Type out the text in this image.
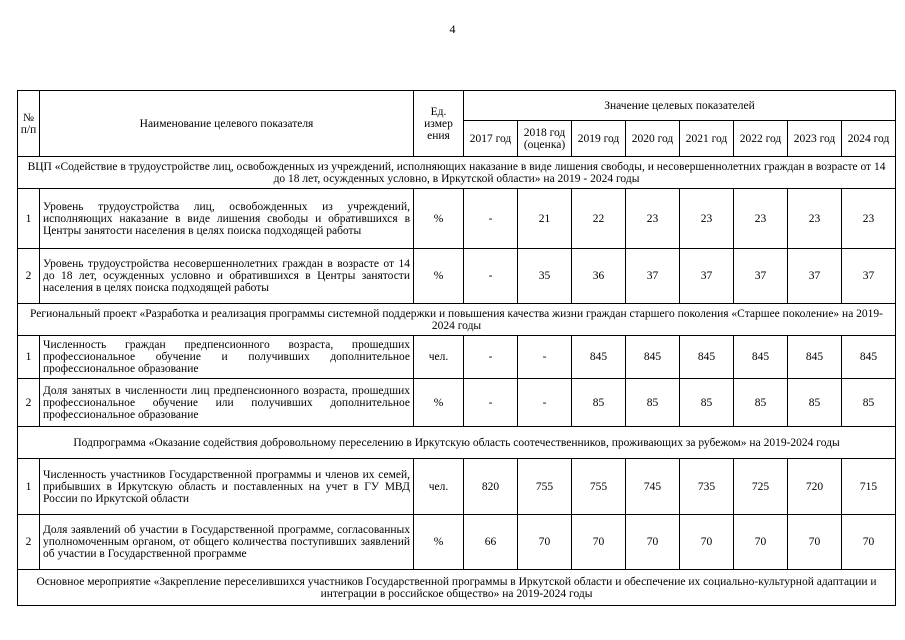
4
№ п/п	Наименование целевого показателя	Ед. измер ения	Значение целевых показателей							
			2017 год	2018 год (оценка)	2019 год	2020 год	2021 год	2022 год	2023 год	2024 год
ВЦП «Содействие в трудоустройстве лиц, освобожденных из учреждений, исполняющих наказание в виде лишения свободы, и несовершеннолетних граждан в возрасте от 14 до 18 лет, осужденных условно, в Иркутской области» на 2019 - 2024 годы										
1	Уровень трудоустройства лиц, освобожденных из учреждений, исполняющих наказание в виде лишения свободы и обратившихся в Центры занятости населения в целях поиска подходящей работы	%	-	21	22	23	23	23	23	23
2	Уровень трудоустройства несовершеннолетних граждан в возрасте от 14 до 18 лет, осужденных условно и обратившихся в Центры занятости населения в целях поиска подходящей работы	%	-	35	36	37	37	37	37	37
Региональный проект «Разработка и реализация программы системной поддержки и повышения качества жизни граждан старшего поколения «Старшее поколение» на 2019-2024 годы										
1	Численность граждан предпенсионного возраста, прошедших профессиональное обучение и получивших дополнительное профессиональное образование	чел.	-	-	845	845	845	845	845	845
2	Доля занятых в численности лиц предпенсионного возраста, прошедших профессиональное обучение или получивших дополнительное профессиональное образование	%	-	-	85	85	85	85	85	85
Подпрограмма «Оказание содействия добровольному переселению в Иркутскую область соотечественников, проживающих за рубежом» на 2019-2024 годы										
1	Численность участников Государственной программы и членов их семей, прибывших в Иркутскую область и поставленных на учет в ГУ МВД России по Иркутской области	чел.	820	755	755	745	735	725	720	715
2	Доля заявлений об участии в Государственной программе, согласованных уполномоченным органом, от общего количества поступивших заявлений об участии в Государственной программе	%	66	70	70	70	70	70	70	70
Основное мероприятие «Закрепление переселившихся участников Государственной программы в Иркутской области и обеспечение их социально-культурной адаптации и интеграции в российское общество» на 2019-2024 годы										
